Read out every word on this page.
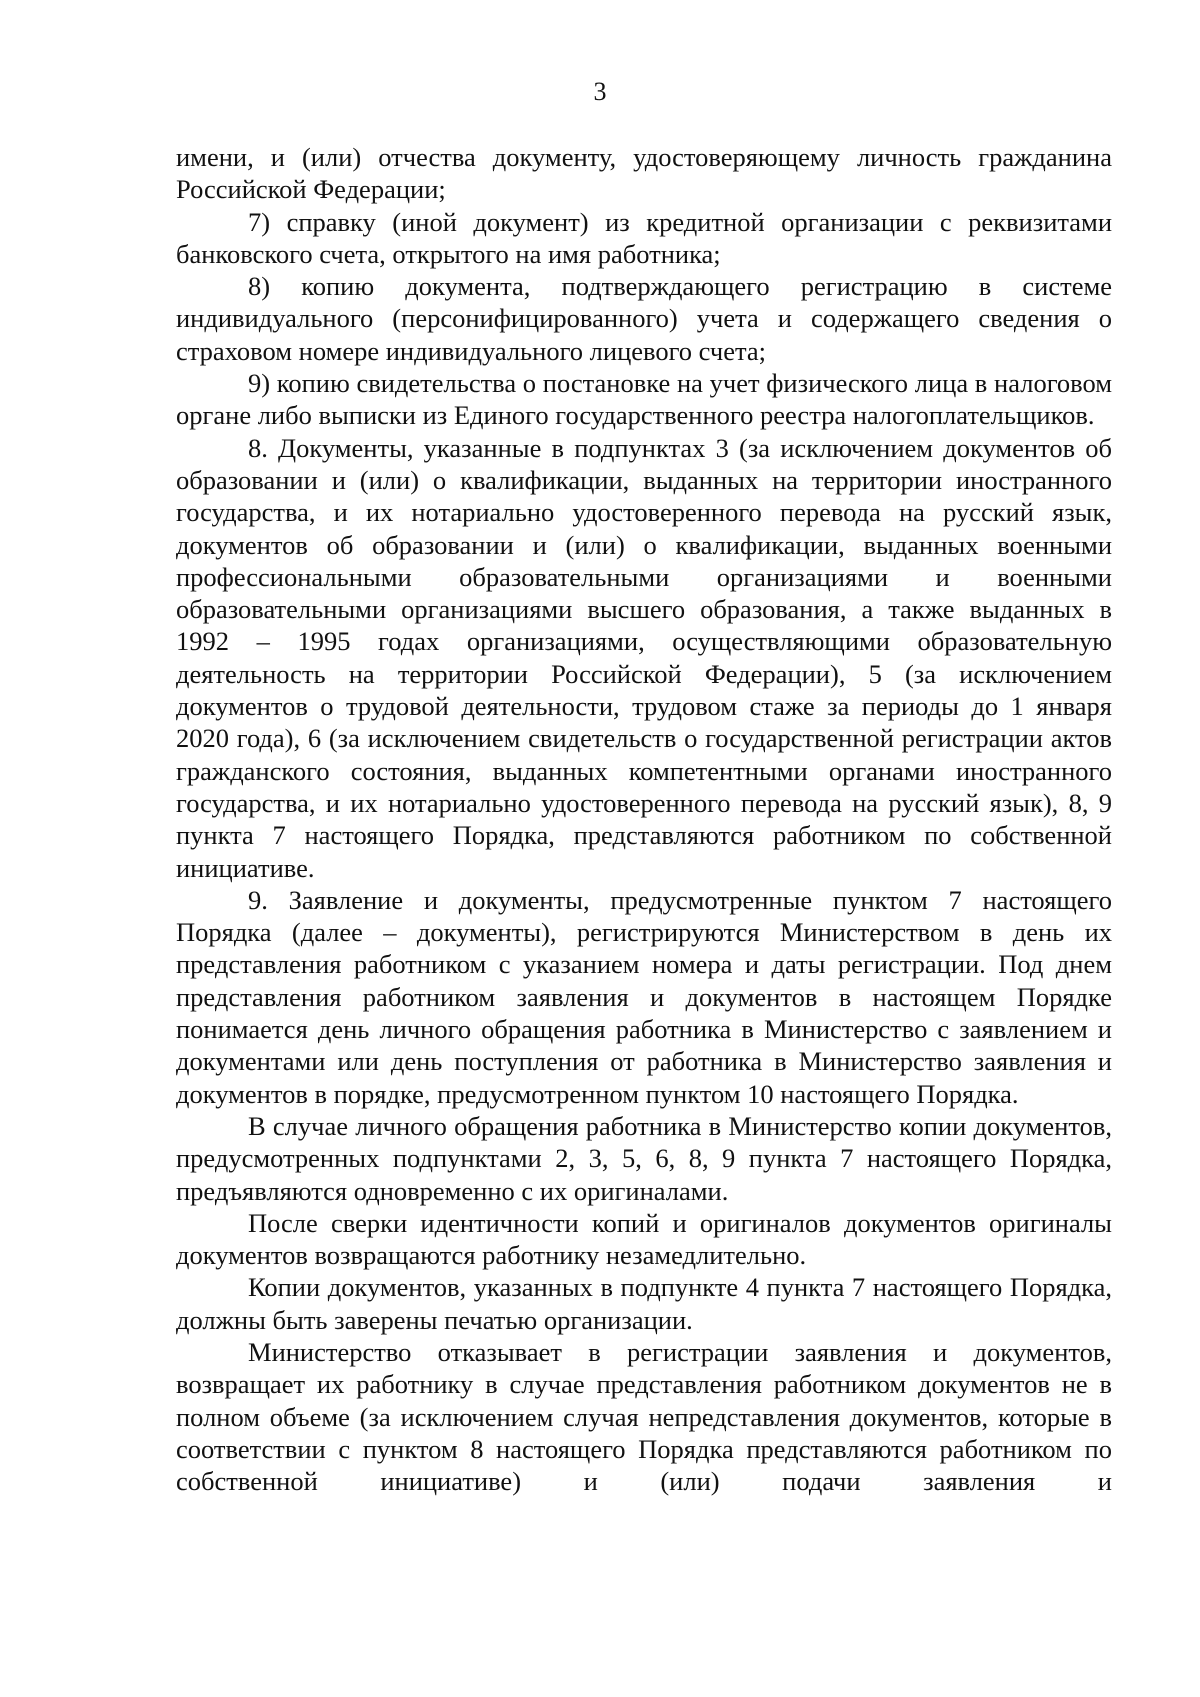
3

имени, и (или) отчества документу, удостоверяющему личность гражданина Российской Федерации;

7) справку (иной документ) из кредитной организации с реквизитами банковского счета, открытого на имя работника;

8) копию документа, подтверждающего регистрацию в системе индивидуального (персонифицированного) учета и содержащего сведения о страховом номере индивидуального лицевого счета;

9) копию свидетельства о постановке на учет физического лица в налоговом органе либо выписки из Единого государственного реестра налогоплательщиков.

8. Документы, указанные в подпунктах 3 (за исключением документов об образовании и (или) о квалификации, выданных на территории иностранного государства, и их нотариально удостоверенного перевода на русский язык, документов об образовании и (или) о квалификации, выданных военными профессиональными образовательными организациями и военными образовательными организациями высшего образования, а также выданных в 1992 – 1995 годах организациями, осуществляющими образовательную деятельность на территории Российской Федерации), 5 (за исключением документов о трудовой деятельности, трудовом стаже за периоды до 1 января 2020 года), 6 (за исключением свидетельств о государственной регистрации актов гражданского состояния, выданных компетентными органами иностранного государства, и их нотариально удостоверенного перевода на русский язык), 8, 9 пункта 7 настоящего Порядка, представляются работником по собственной инициативе.

9. Заявление и документы, предусмотренные пунктом 7 настоящего Порядка (далее – документы), регистрируются Министерством в день их представления работником с указанием номера и даты регистрации. Под днем представления работником заявления и документов в настоящем Порядке понимается день личного обращения работника в Министерство с заявлением и документами или день поступления от работника в Министерство заявления и документов в порядке, предусмотренном пунктом 10 настоящего Порядка.

В случае личного обращения работника в Министерство копии документов, предусмотренных подпунктами 2, 3, 5, 6, 8, 9 пункта 7 настоящего Порядка, предъявляются одновременно с их оригиналами.

После сверки идентичности копий и оригиналов документов оригиналы документов возвращаются работнику незамедлительно.

Копии документов, указанных в подпункте 4 пункта 7 настоящего Порядка, должны быть заверены печатью организации.

Министерство отказывает в регистрации заявления и документов, возвращает их работнику в случае представления работником документов не в полном объеме (за исключением случая непредставления документов, которые в соответствии с пунктом 8 настоящего Порядка представляются работником по собственной инициативе) и (или) подачи заявления и
